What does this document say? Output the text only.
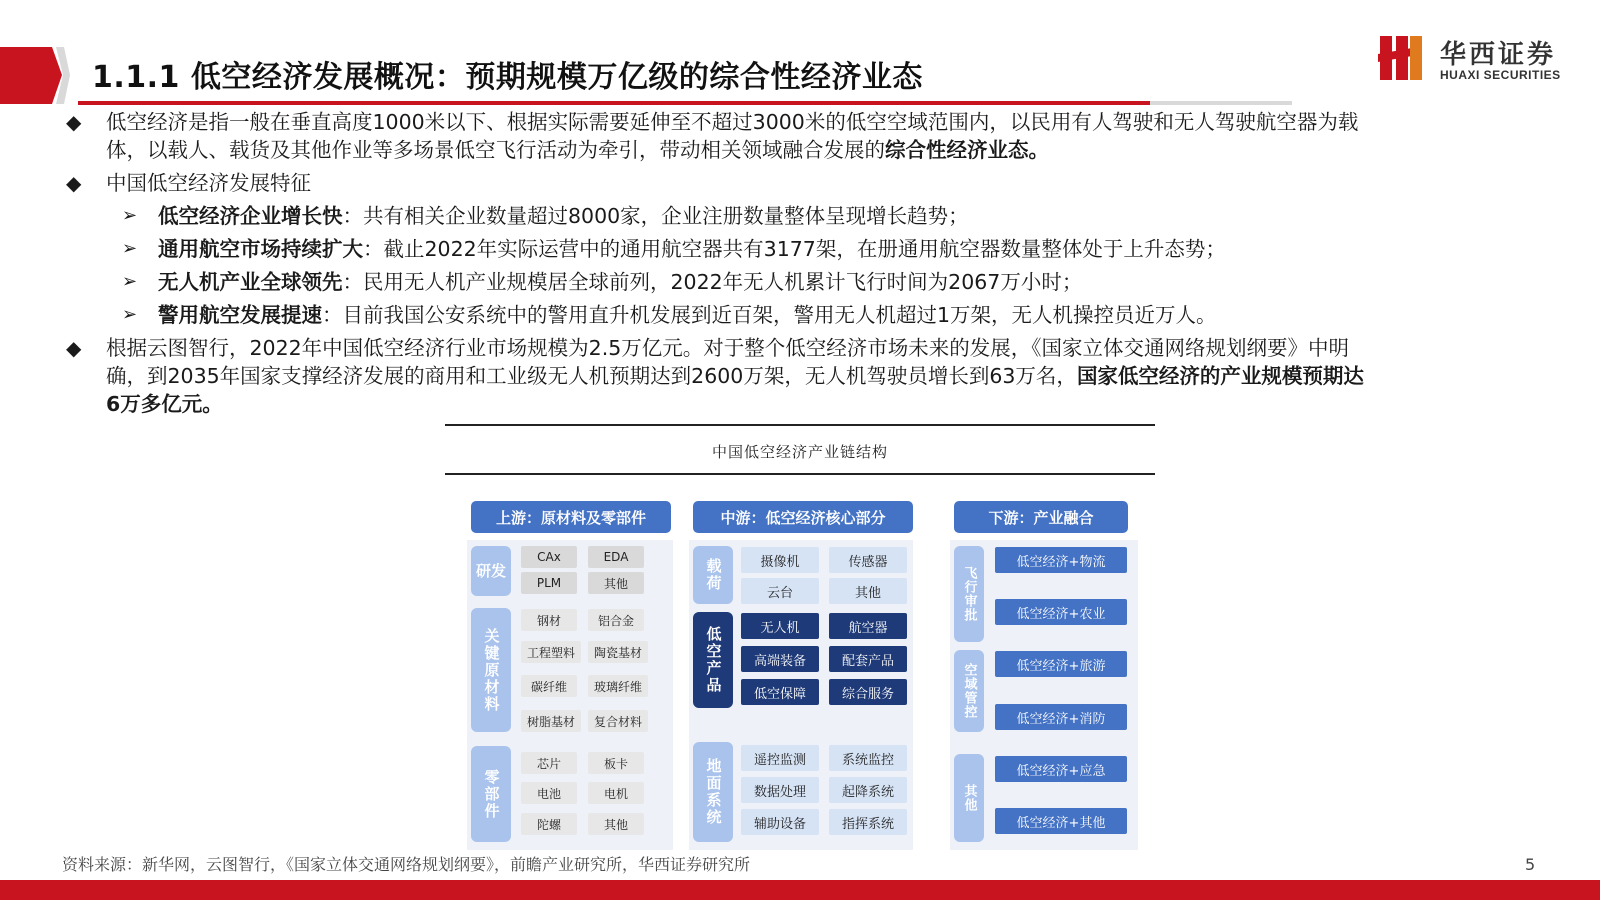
1.1.1 低空经济发展概况：预期规模万亿级的综合性经济业态
华西证券
HUAXI SECURITIES
◆ 低空经济是指一般在垂直高度1000米以下、根据实际需要延伸至不超过3000米的低空空域范围内，以民用有人驾驶和无人驾驶航空器为载
体，以载人、载货及其他作业等多场景低空飞行活动为牵引，带动相关领域融合发展的综合性经济业态。
◆ 中国低空经济发展特征
➢ 低空经济企业增长快：共有相关企业数量超过8000家，企业注册数量整体呈现增长趋势；
➢ 通用航空市场持续扩大：截止2022年实际运营中的通用航空器共有3177架，在册通用航空器数量整体处于上升态势；
➢ 无人机产业全球领先：民用无人机产业规模居全球前列，2022年无人机累计飞行时间为2067万小时；
➢ 警用航空发展提速：目前我国公安系统中的警用直升机发展到近百架，警用无人机超过1万架，无人机操控员近万人。
◆ 根据云图智行，2022年中国低空经济行业市场规模为2.5万亿元。对于整个低空经济市场未来的发展，《国家立体交通网络规划纲要》中明
确，到2035年国家支撑经济发展的商用和工业级无人机预期达到2600万架，无人机驾驶员增长到63万名，国家低空经济的产业规模预期达
6万多亿元。
中国低空经济产业链结构
上游：原材料及零部件
研发
CAx	EDA
PLM	其他
关键原材料
钢材	铝合金
工程塑料	陶瓷基材
碳纤维	玻璃纤维
树脂基材	复合材料
零部件
芯片	板卡
电池	电机
陀螺	其他
中游：低空经济核心部分
载荷	摄像机	传感器
云台	其他
低空产品	无人机	航空器
高端装备	配套产品
低空保障	综合服务
地面系统	遥控监测	系统监控
数据处理	起降系统
辅助设备	指挥系统
下游：产业融合
飞行审批
空域管控
其他
低空经济+物流
低空经济+农业
低空经济+旅游
低空经济+消防
低空经济+应急
低空经济+其他
资料来源：新华网，云图智行，《国家立体交通网络规划纲要》，前瞻产业研究所，华西证券研究所	5
